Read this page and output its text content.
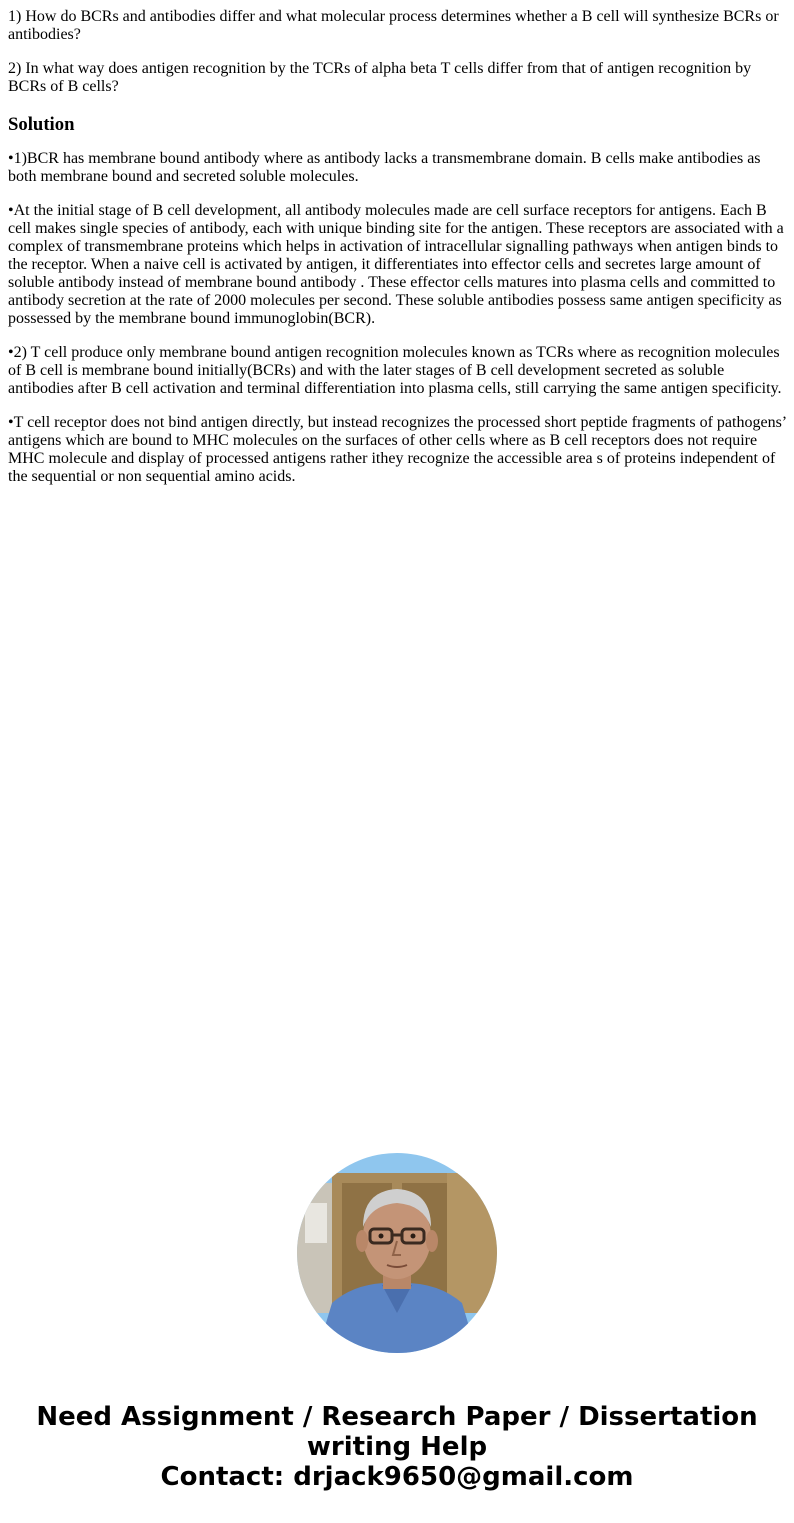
1) How do BCRs and antibodies differ and what molecular process determines whether a B cell will synthesize BCRs or antibodies?

2) In what way does antigen recognition by the TCRs of alpha beta T cells differ from that of antigen recognition by BCRs of B cells?

Solution

•1)BCR has membrane bound antibody where as antibody lacks a transmembrane domain. B cells make antibodies as both membrane bound and secreted soluble molecules.

•At the initial stage of B cell development, all antibody molecules made are cell surface receptors for antigens. Each B cell makes single species of antibody, each with unique binding site for the antigen. These receptors are associated with a complex of transmembrane proteins which helps in activation of intracellular signalling pathways when antigen binds to the receptor. When a naive cell is activated by antigen, it differentiates into effector cells and secretes large amount of soluble antibody instead of membrane bound antibody . These effector cells matures into plasma cells and committed to antibody secretion at the rate of 2000 molecules per second. These soluble antibodies possess same antigen specificity as possessed by the membrane bound immunoglobin(BCR).

•2) T cell produce only membrane bound antigen recognition molecules known as TCRs where as recognition molecules of B cell is membrane bound initially(BCRs) and with the later stages of B cell development secreted as soluble antibodies after B cell activation and terminal differentiation into plasma cells, still carrying the same antigen specificity.

•T cell receptor does not bind antigen directly, but instead recognizes the processed short peptide fragments of pathogens’ antigens which are bound to MHC molecules on the surfaces of other cells where as B cell receptors does not require MHC molecule and display of processed antigens rather ithey recognize the accessible area s of proteins independent of the sequential or non sequential amino acids.

Need Assignment / Research Paper / Dissertation
writing Help
Contact: drjack9650@gmail.com
